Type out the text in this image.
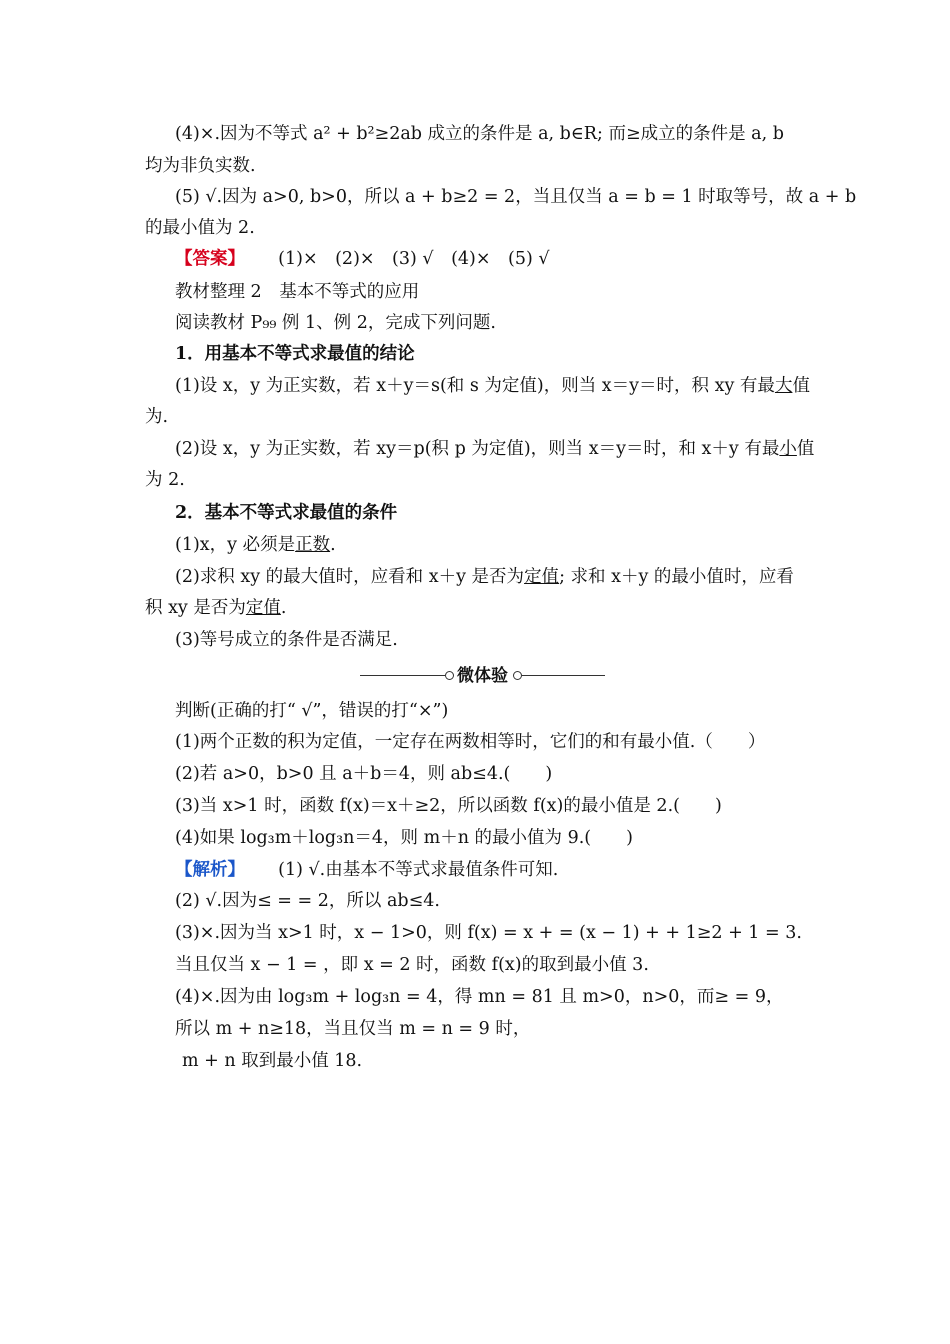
(4)×.因为不等式 a² + b²≥2ab 成立的条件是 a, b∈R; 而≥成立的条件是 a, b
均为非负实数.
(5) √.因为 a>0, b>0，所以 a + b≥2 = 2，当且仅当 a = b = 1 时取等号，故 a + b
的最小值为 2.
【答案】 (1)×　(2)×　(3) √　(4)×　(5) √
教材整理 2　基本不等式的应用
阅读教材 P₉₉ 例 1、例 2，完成下列问题.
1．用基本不等式求最值的结论
(1)设 x，y 为正实数，若 x＋y＝s(和 s 为定值)，则当 x＝y＝时，积 xy 有最大值
为.
(2)设 x，y 为正实数，若 xy＝p(积 p 为定值)，则当 x＝y＝时，和 x＋y 有最小值
为 2.
2．基本不等式求最值的条件
(1)x，y 必须是正数.
(2)求积 xy 的最大值时，应看和 x＋y 是否为定值; 求和 x＋y 的最小值时，应看
积 xy 是否为定值.
(3)等号成立的条件是否满足.
微体验
判断(正确的打“ √”，错误的打“×”)
(1)两个正数的积为定值，一定存在两数相等时，它们的和有最小值.（　　）
(2)若 a>0，b>0 且 a＋b＝4，则 ab≤4.(　　)
(3)当 x>1 时，函数 f(x)＝x＋≥2，所以函数 f(x)的最小值是 2.(　　)
(4)如果 log₃m＋log₃n＝4，则 m＋n 的最小值为 9.(　　)
【解析】 (1) √.由基本不等式求最值条件可知.
(2) √.因为≤ = = 2，所以 ab≤4.
(3)×.因为当 x>1 时，x − 1>0，则 f(x) = x + = (x − 1) + + 1≥2 + 1 = 3.
当且仅当 x − 1 = ，即 x = 2 时，函数 f(x)的取到最小值 3.
(4)×.因为由 log₃m + log₃n = 4，得 mn = 81 且 m>0，n>0，而≥ = 9，
所以 m + n≥18，当且仅当 m = n = 9 时，
m + n 取到最小值 18.
